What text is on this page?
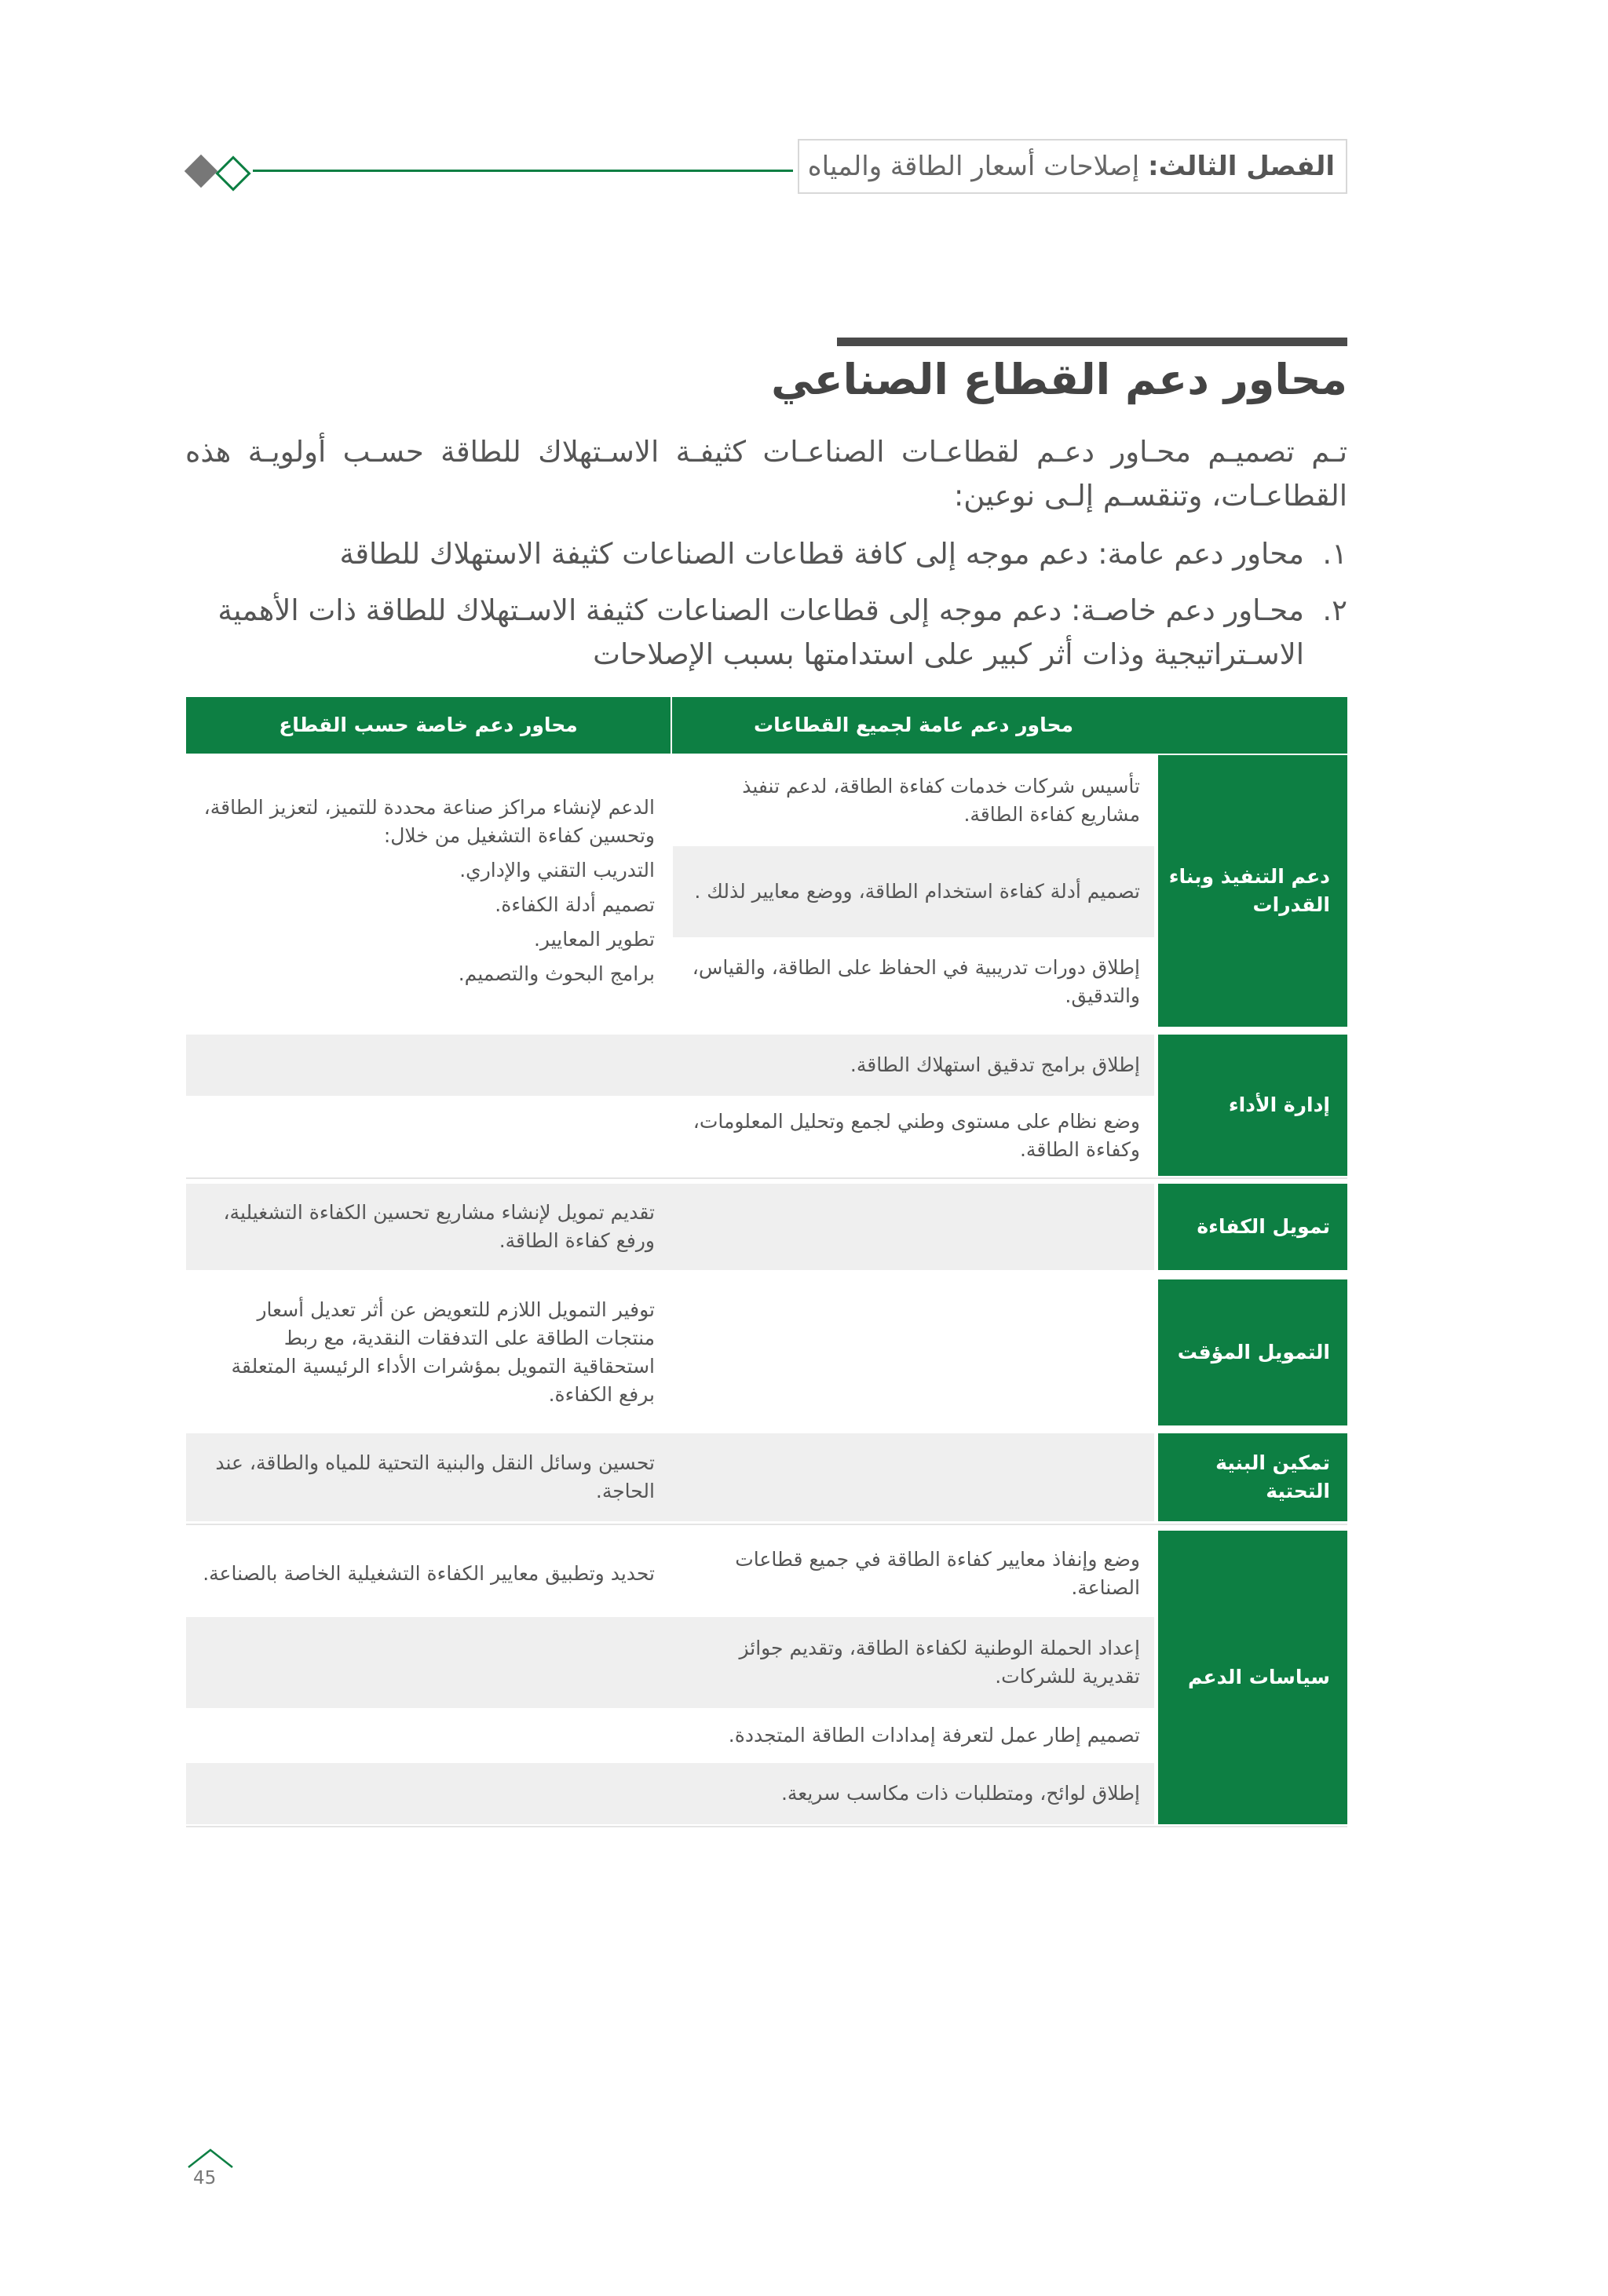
الفصل الثالث:

إصلاحات أسعار الطاقة والمياه
محاور دعم القطاع الصناعي

تـم تصميـم محـاور دعـم لقطاعـات الصناعـات كثيفـة الاسـتهلاك للطاقة حسـب أولويـة هذه القطاعـات، وتنقسـم إلـى نوعين:

١.
محاور دعم عامة: دعم موجه إلى كافة قطاعات الصناعات كثيفة الاستهلاك للطاقة
٢.
محـاور دعم خاصـة: دعم موجه إلى قطاعات الصناعات كثيفة الاسـتهلاك للطاقة ذات الأهمية الاسـتراتيجية وذات أثر كبير على استدامتها بسبب الإصلاحات
محاور دعم عامة لجميع القطاعات
محاور دعم خاصة حسب القطاع
دعم التنفيذ وبناء القدرات
تأسيس شركات خدمات كفاءة الطاقة، لدعم تنفيذ مشاريع كفاءة الطاقة.
تصميم أدلة كفاءة استخدام الطاقة، ووضع معايير لذلك .
إطلاق دورات تدريبية في الحفاظ على الطاقة، والقياس، والتدقيق.

الدعم لإنشاء مراكز صناعة محددة للتميز، لتعزيز الطاقة، وتحسين كفاءة التشغيل من خلال:

التدريب التقني والإداري.

تصميم أدلة الكفاءة.

تطوير المعايير.

برامج البحوث والتصميم.

إدارة الأداء
إطلاق برامج تدقيق استهلاك الطاقة.
وضع نظام على مستوى وطني لجمع وتحليل المعلومات، وكفاءة الطاقة.
تمويل الكفاءة
تقديم تمويل لإنشاء مشاريع تحسين الكفاءة التشغيلية، ورفع كفاءة الطاقة.
التمويل المؤقت
توفير التمويل اللازم للتعويض عن أثر تعديل أسعار منتجات الطاقة على التدفقات النقدية، مع ربط استحقاقية التمويل بمؤشرات الأداء الرئيسية المتعلقة برفع الكفاءة.
تمكين البنية التحتية
تحسين وسائل النقل والبنية التحتية للمياه والطاقة، عند الحاجة.
سياسات الدعم
وضع وإنفاذ معايير كفاءة الطاقة في جميع قطاعات الصناعة.
تحديد وتطبيق معايير الكفاءة التشغيلية الخاصة بالصناعة.
إعداد الحملة الوطنية لكفاءة الطاقة، وتقديم جوائز تقديرية للشركات.
تصميم إطار عمل لتعرفة إمدادات الطاقة المتجددة.
إطلاق لوائح، ومتطلبات ذات مكاسب سريعة.
45
